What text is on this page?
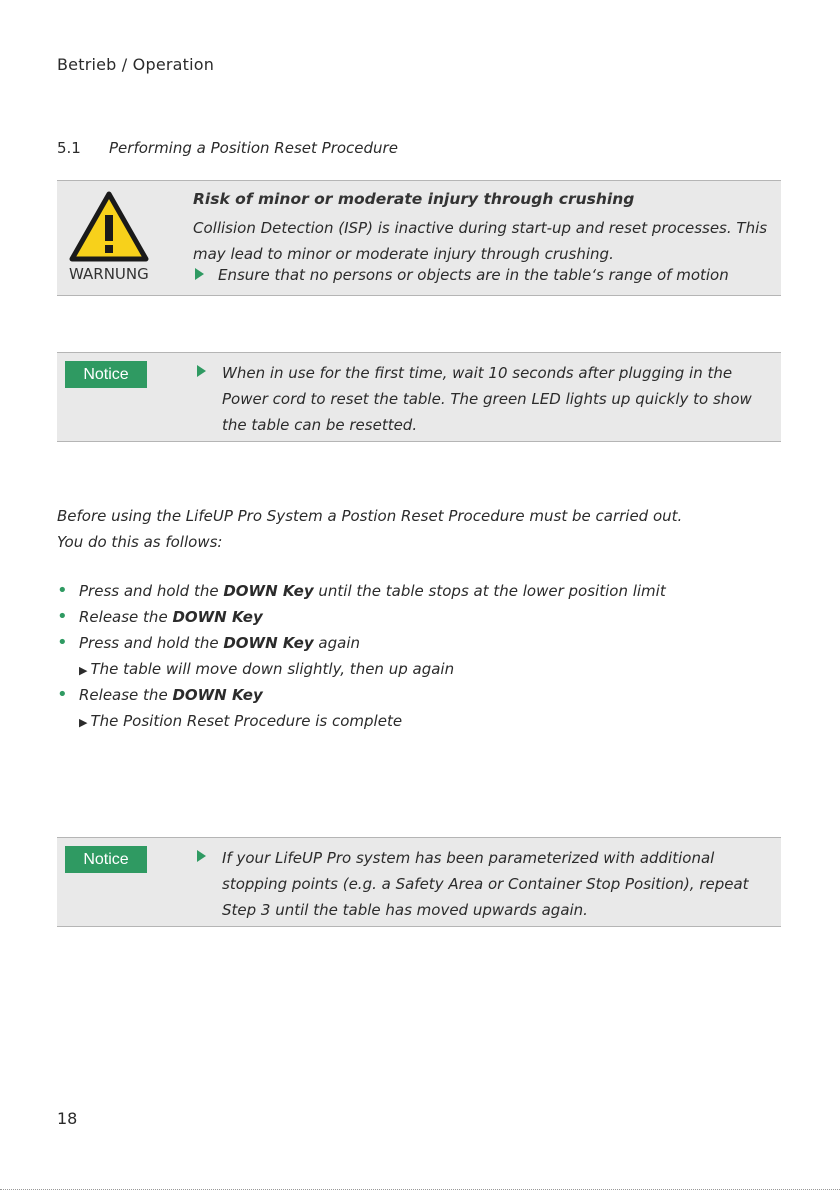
Betrieb / Operation
5.1 Performing a Position Reset Procedure
WARNUNG
Risk of minor or moderate injury through crushing
Collision Detection (ISP) is inactive during start-up and reset processes. This may lead to minor or moderate injury through crushing.
Ensure that no persons or objects are in the table‘s range of motion
Notice	When in use for the first time, wait 10 seconds after plugging in the Power cord to reset the table. The green LED lights up quickly to show the table can be resetted.
Before using the LifeUP Pro System a Postion Reset Procedure must be carried out.
You do this as follows:
• Press and hold the DOWN Key until the table stops at the lower position limit
• Release the DOWN Key
• Press and hold the DOWN Key again
▶ The table will move down slightly, then up again
• Release the DOWN Key
▶ The Position Reset Procedure is complete
Notice	If your LifeUP Pro system has been parameterized with additional stopping points (e.g. a Safety Area or Container Stop Position), repeat Step 3 until the table has moved upwards again.
18
